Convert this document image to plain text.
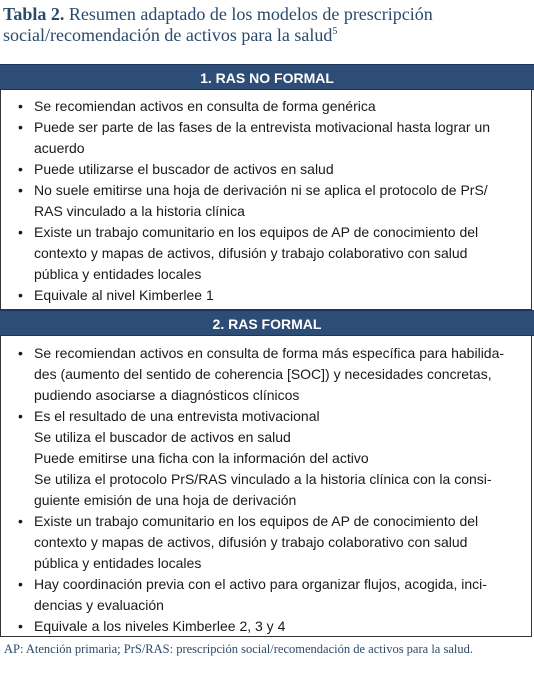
Tabla 2. Resumen adaptado de los modelos de prescripción social/recomendación de activos para la salud$^5$
1. RAS NO FORMAL
• Se recomiendan activos en consulta de forma genérica
• Puede ser parte de las fases de la entrevista motivacional hasta lograr un
acuerdo
• Puede utilizarse el buscador de activos en salud
• No suele emitirse una hoja de derivación ni se aplica el protocolo de PrS/
RAS vinculado a la historia clínica
• Existe un trabajo comunitario en los equipos de AP de conocimiento del
contexto y mapas de activos, difusión y trabajo colaborativo con salud
pública y entidades locales
• Equivale al nivel Kimberlee 1
2. RAS FORMAL
• Se recomiendan activos en consulta de forma más específica para habilida-
des (aumento del sentido de coherencia [SOC]) y necesidades concretas,
pudiendo asociarse a diagnósticos clínicos
• Es el resultado de una entrevista motivacional
Se utiliza el buscador de activos en salud
Puede emitirse una ficha con la información del activo
Se utiliza el protocolo PrS/RAS vinculado a la historia clínica con la consi-
guiente emisión de una hoja de derivación
• Existe un trabajo comunitario en los equipos de AP de conocimiento del
contexto y mapas de activos, difusión y trabajo colaborativo con salud
pública y entidades locales
• Hay coordinación previa con el activo para organizar flujos, acogida, inci-
dencias y evaluación
• Equivale a los niveles Kimberlee 2, 3 y 4
AP: Atención primaria; PrS/RAS: prescripción social/recomendación de activos para la salud.
